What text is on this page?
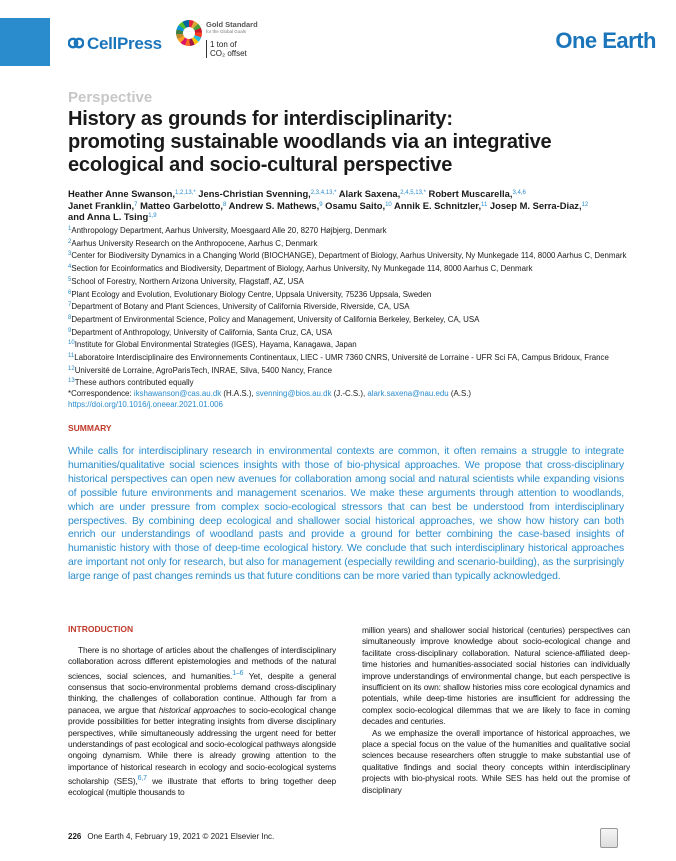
CellPress
Gold Standard
for the Global Goals
1 ton of
CO₂ offset
One Earth
Perspective
History as grounds for interdisciplinarity:
promoting sustainable woodlands via an integrative
ecological and socio-cultural perspective
Heather Anne Swanson,$^{1,2,13,*}$ Jens-Christian Svenning,$^{2,3,4,13,*}$ Alark Saxena,$^{2,4,5,13,*}$ Robert Muscarella,$^{3,4,6}$
Janet Franklin,$^7$ Matteo Garbelotto,$^8$ Andrew S. Mathews,$^9$ Osamu Saito,$^{10}$ Annik E. Schnitzler,$^{11}$ Josep M. Serra-Diaz,$^{12}$
and Anna L. Tsing$^{1,9}$

$^1$Anthropology Department, Aarhus University, Moesgaard Alle 20, 8270 Højbjerg, Denmark

$^2$Aarhus University Research on the Anthropocene, Aarhus C, Denmark

$^3$Center for Biodiversity Dynamics in a Changing World (BIOCHANGE), Department of Biology, Aarhus University, Ny Munkegade 114, 8000 Aarhus C, Denmark

$^4$Section for Ecoinformatics and Biodiversity, Department of Biology, Aarhus University, Ny Munkegade 114, 8000 Aarhus C, Denmark

$^5$School of Forestry, Northern Arizona University, Flagstaff, AZ, USA

$^6$Plant Ecology and Evolution, Evolutionary Biology Centre, Uppsala University, 75236 Uppsala, Sweden

$^7$Department of Botany and Plant Sciences, University of California Riverside, Riverside, CA, USA

$^8$Department of Environmental Science, Policy and Management, University of California Berkeley, Berkeley, CA, USA

$^9$Department of Anthropology, University of California, Santa Cruz, CA, USA

$^{10}$Institute for Global Environmental Strategies (IGES), Hayama, Kanagawa, Japan

$^{11}$Laboratoire Interdisciplinaire des Environnements Continentaux, LIEC - UMR 7360 CNRS, Université de Lorraine - UFR Sci FA, Campus Bridoux, France

$^{12}$Université de Lorraine, AgroParisTech, INRAE, Silva, 5400 Nancy, France

$^{13}$These authors contributed equally

*Correspondence: ikshawanson@cas.au.dk (H.A.S.), svenning@bios.au.dk (J.-C.S.), alark.saxena@nau.edu (A.S.)

https://doi.org/10.1016/j.oneear.2021.01.006

SUMMARY
While calls for interdisciplinary research in environmental contexts are common, it often remains a struggle to integrate humanities/qualitative social sciences insights with those of bio-physical approaches. We propose that cross-disciplinary historical perspectives can open new avenues for collaboration among social and natural scientists while expanding visions of possible future environments and management scenarios. We make these arguments through attention to woodlands, which are under pressure from complex socio-ecological stressors that can best be understood from interdisciplinary perspectives. By combining deep ecological and shallower social historical approaches, we show how history can both enrich our understandings of woodland pasts and provide a ground for better combining the case-based insights of humanistic history with those of deep-time ecological history. We conclude that such interdisciplinary historical approaches are important not only for research, but also for management (especially rewilding and scenario-building), as the surprisingly large range of past changes reminds us that future conditions can be more varied than typically acknowledged.
INTRODUCTION

There is no shortage of articles about the challenges of interdisciplinary collaboration across different epistemologies and methods of the natural sciences, social sciences, and humanities.$^{1-6}$ Yet, despite a general consensus that socio-environmental problems demand cross-disciplinary thinking, the challenges of collaboration continue. Although far from a panacea, we argue that historical approaches to socio-ecological change provide possibilities for better integrating insights from diverse disciplinary perspectives, while simultaneously addressing the urgent need for better understandings of past ecological and socio-ecological pathways alongside ongoing dynamism. While there is already growing attention to the importance of historical research in ecology and socio-ecological systems scholarship (SES),$^{6,7}$ we illustrate that efforts to bring together deep ecological (multiple thousands to

million years) and shallower social historical (centuries) perspectives can simultaneously improve knowledge about socio-ecological change and facilitate cross-disciplinary collaboration. Natural science-affiliated deep-time histories and humanities-associated social histories can individually improve understandings of environmental change, but each perspective is insufficient on its own: shallow histories miss core ecological dynamics and potentials, while deep-time histories are insufficient for addressing the complex socio-ecological dilemmas that we are likely to face in coming decades and centuries.

As we emphasize the overall importance of historical approaches, we place a special focus on the value of the humanities and qualitative social sciences because researchers often struggle to make substantial use of qualitative findings and social theory concepts within interdisciplinary projects with bio-physical roots. While SES has held out the promise of disciplinary

226 One Earth 4, February 19, 2021 © 2021 Elsevier Inc.
